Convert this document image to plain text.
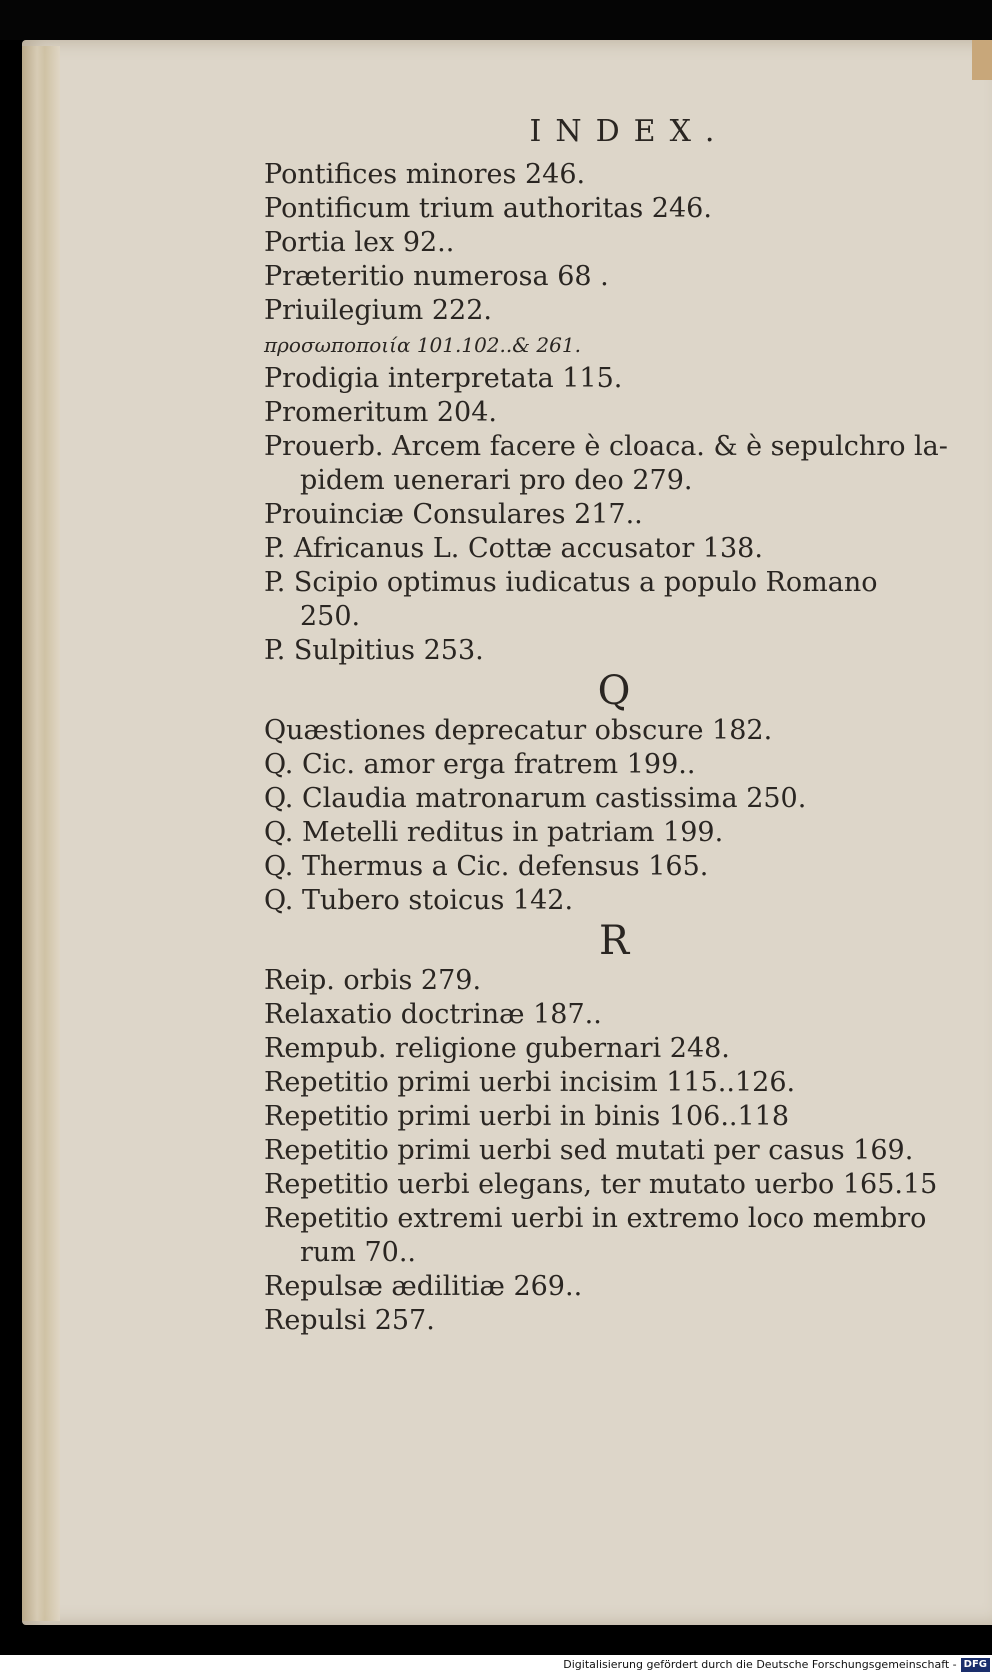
INDEX.
Pontifices minores 246.
Pontificum trium authoritas 246.
Portia lex 92..
Præteritio numerosa 68 .
Priuilegium 222.
προσωποποιία 101.102..& 261.
Prodigia interpretata 115.
Promeritum 204.
Prouerb. Arcem facere è cloaca. & è sepulchro la-
pidem uenerari pro deo 279.
Prouinciæ Consulares 217..
P. Africanus L. Cottæ accusator 138.
P. Scipio optimus iudicatus a populo Romano
250.
P. Sulpitius 253.
Q
Quæstiones deprecatur obscure 182.
Q. Cic. amor erga fratrem 199..
Q. Claudia matronarum castissima 250.
Q. Metelli reditus in patriam 199.
Q. Thermus a Cic. defensus 165.
Q. Tubero stoicus 142.
R
Reip. orbis 279.
Relaxatio doctrinæ 187..
Rempub. religione gubernari 248.
Repetitio primi uerbi incisim 115..126.
Repetitio primi uerbi in binis 106..118
Repetitio primi uerbi sed mutati per casus 169.
Repetitio uerbi elegans, ter mutato uerbo 165.15
Repetitio extremi uerbi in extremo loco membro
rum 70..
Repulsæ ædilitiæ 269..
Repulsi 257.
Digitalisierung gefördert durch die Deutsche Forschungsgemeinschaft - DFG
